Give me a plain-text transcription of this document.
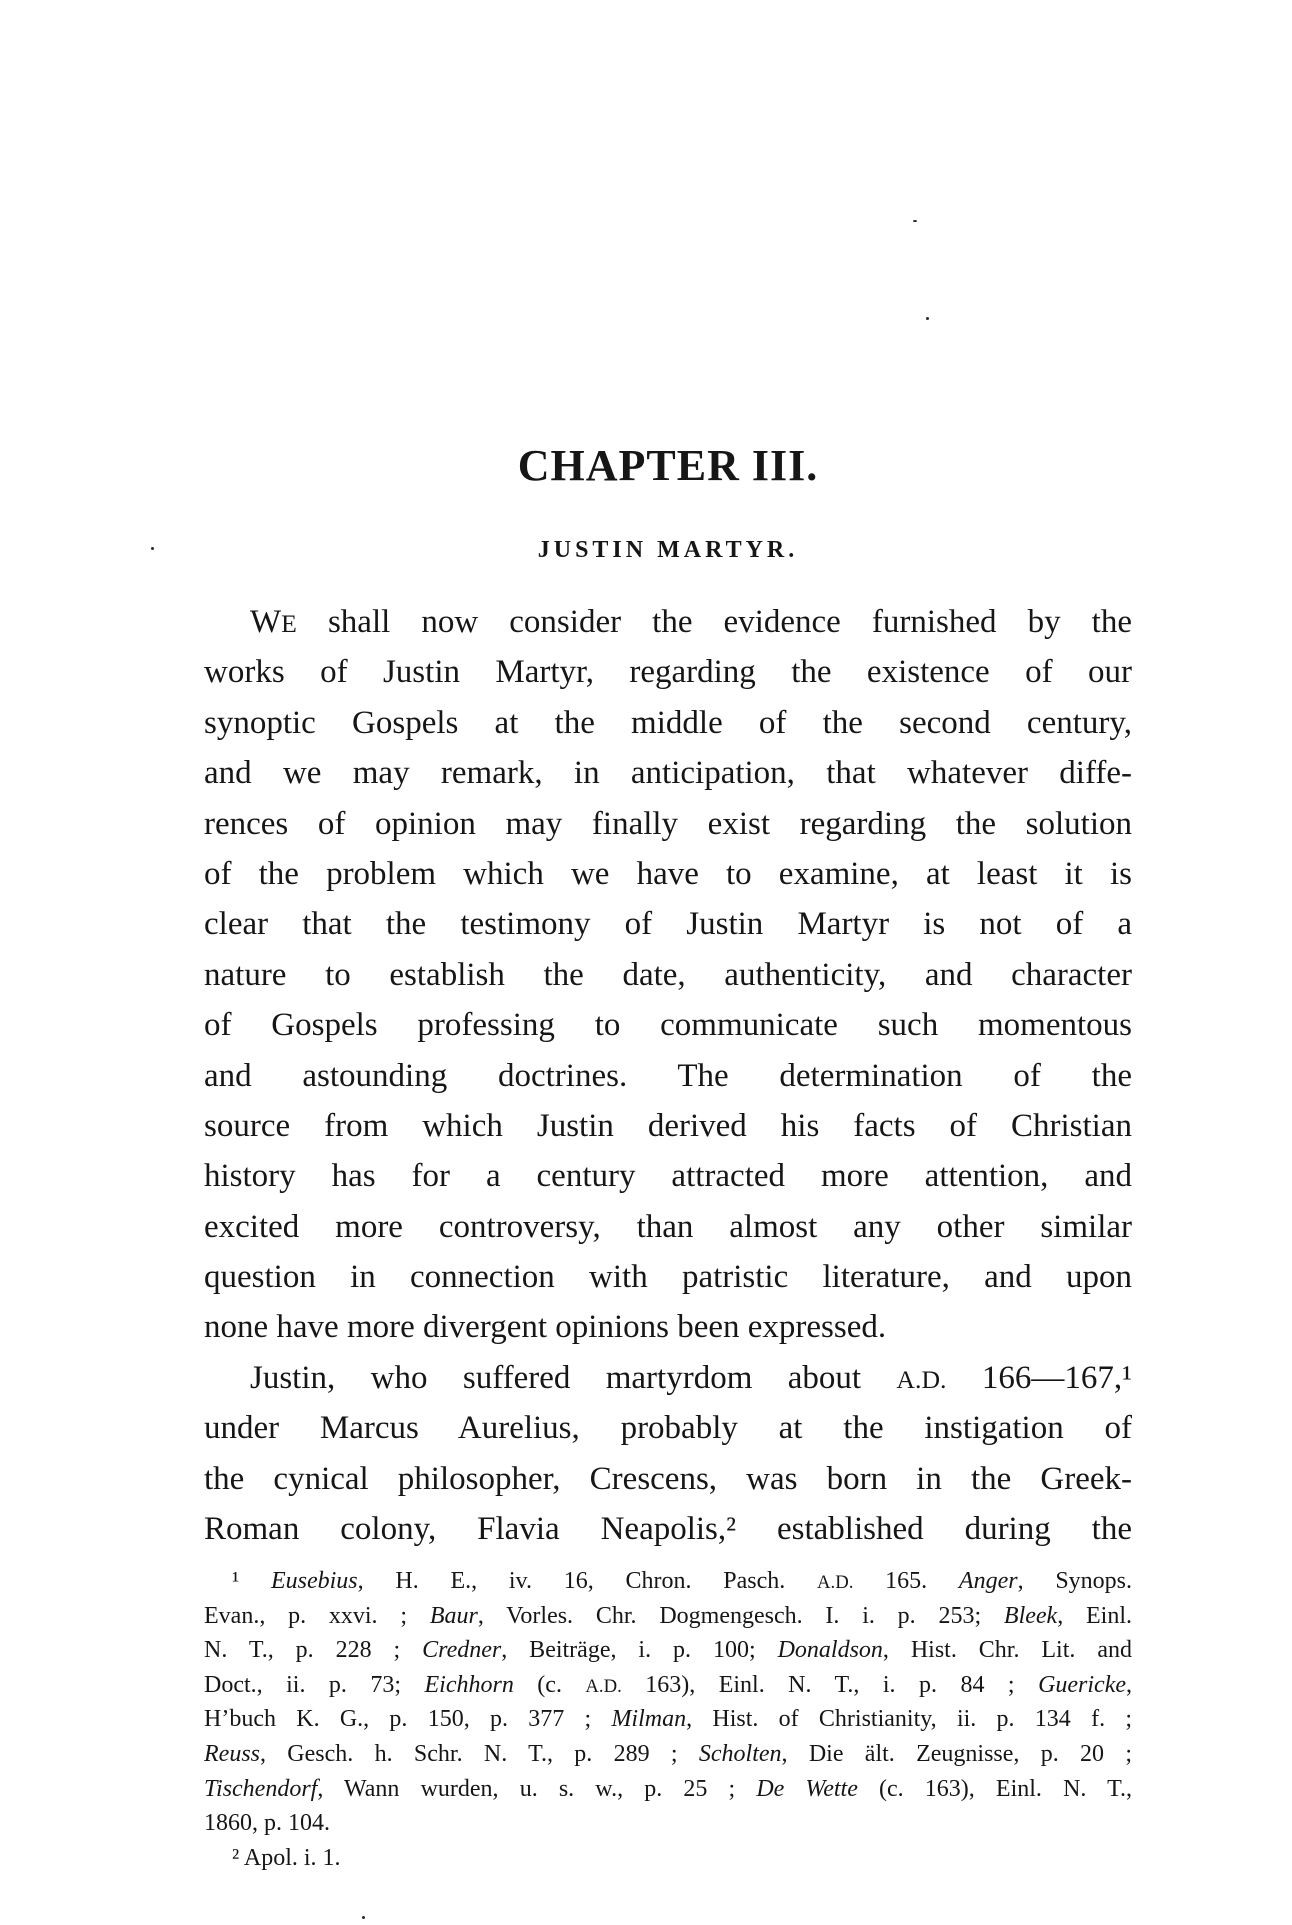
CHAPTER III.
JUSTIN MARTYR.
WE shall now consider the evidence furnished by the
works of Justin Martyr, regarding the existence of our
synoptic Gospels at the middle of the second century,
and we may remark, in anticipation, that whatever diffe-
rences of opinion may finally exist regarding the solution
of the problem which we have to examine, at least it is
clear that the testimony of Justin Martyr is not of a
nature to establish the date, authenticity, and character
of Gospels professing to communicate such momentous
and astounding doctrines. The determination of the
source from which Justin derived his facts of Christian
history has for a century attracted more attention, and
excited more controversy, than almost any other similar
question in connection with patristic literature, and upon
none have more divergent opinions been expressed.
Justin, who suffered martyrdom about A.D. 166—167,¹
under Marcus Aurelius, probably at the instigation of
the cynical philosopher, Crescens, was born in the Greek-
Roman colony, Flavia Neapolis,² established during the
¹ Eusebius, H. E., iv. 16, Chron. Pasch. A.D. 165. Anger, Synops.
Evan., p. xxvi. ; Baur, Vorles. Chr. Dogmengesch. I. i. p. 253; Bleek, Einl.
N. T., p. 228 ; Credner, Beiträge, i. p. 100; Donaldson, Hist. Chr. Lit. and
Doct., ii. p. 73; Eichhorn (c. A.D. 163), Einl. N. T., i. p. 84 ; Guericke,
H’buch K. G., p. 150, p. 377 ; Milman, Hist. of Christianity, ii. p. 134 f. ;
Reuss, Gesch. h. Schr. N. T., p. 289 ; Scholten, Die ält. Zeugnisse, p. 20 ;
Tischendorf, Wann wurden, u. s. w., p. 25 ; De Wette (c. 163), Einl. N. T.,
1860, p. 104.
² Apol. i. 1.
